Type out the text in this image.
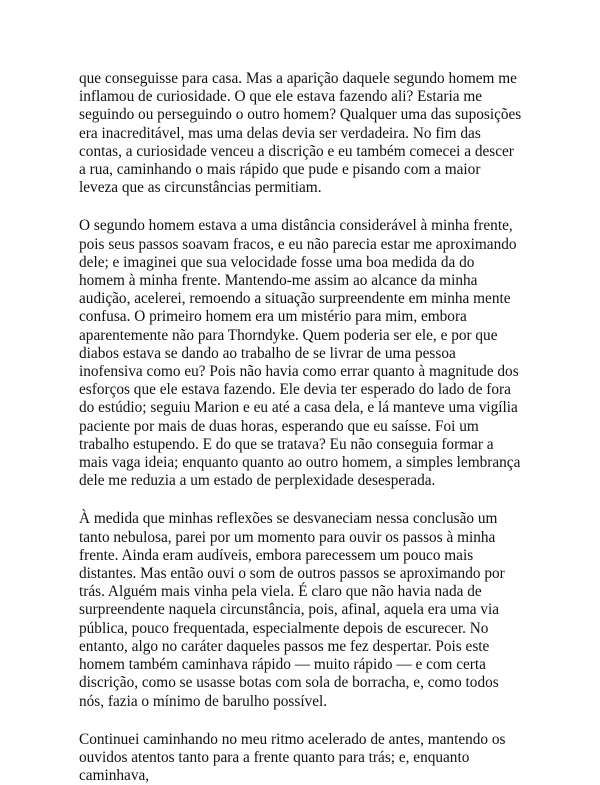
que conseguisse para casa. Mas a aparição daquele segundo homem me inflamou de curiosidade. O que ele estava fazendo ali? Estaria me seguindo ou perseguindo o outro homem? Qualquer uma das suposições era inacreditável, mas uma delas devia ser verdadeira. No fim das contas, a curiosidade venceu a discrição e eu também comecei a descer a rua, caminhando o mais rápido que pude e pisando com a maior leveza que as circunstâncias permitiam.

O segundo homem estava a uma distância considerável à minha frente, pois seus passos soavam fracos, e eu não parecia estar me aproximando dele; e imaginei que sua velocidade fosse uma boa medida da do homem à minha frente. Mantendo-me assim ao alcance da minha audição, acelerei, remoendo a situação surpreendente em minha mente confusa. O primeiro homem era um mistério para mim, embora aparentemente não para Thorndyke. Quem poderia ser ele, e por que diabos estava se dando ao trabalho de se livrar de uma pessoa inofensiva como eu? Pois não havia como errar quanto à magnitude dos esforços que ele estava fazendo. Ele devia ter esperado do lado de fora do estúdio; seguiu Marion e eu até a casa dela, e lá manteve uma vigília paciente por mais de duas horas, esperando que eu saísse. Foi um trabalho estupendo. E do que se tratava? Eu não conseguia formar a mais vaga ideia; enquanto quanto ao outro homem, a simples lembrança dele me reduzia a um estado de perplexidade desesperada.

À medida que minhas reflexões se desvaneciam nessa conclusão um tanto nebulosa, parei por um momento para ouvir os passos à minha frente. Ainda eram audíveis, embora parecessem um pouco mais distantes. Mas então ouvi o som de outros passos se aproximando por trás. Alguém mais vinha pela viela. É claro que não havia nada de surpreendente naquela circunstância, pois, afinal, aquela era uma via pública, pouco frequentada, especialmente depois de escurecer. No entanto, algo no caráter daqueles passos me fez despertar. Pois este homem também caminhava rápido — muito rápido — e com certa discrição, como se usasse botas com sola de borracha, e, como todos nós, fazia o mínimo de barulho possível.

Continuei caminhando no meu ritmo acelerado de antes, mantendo os ouvidos atentos tanto para a frente quanto para trás; e, enquanto caminhava,
